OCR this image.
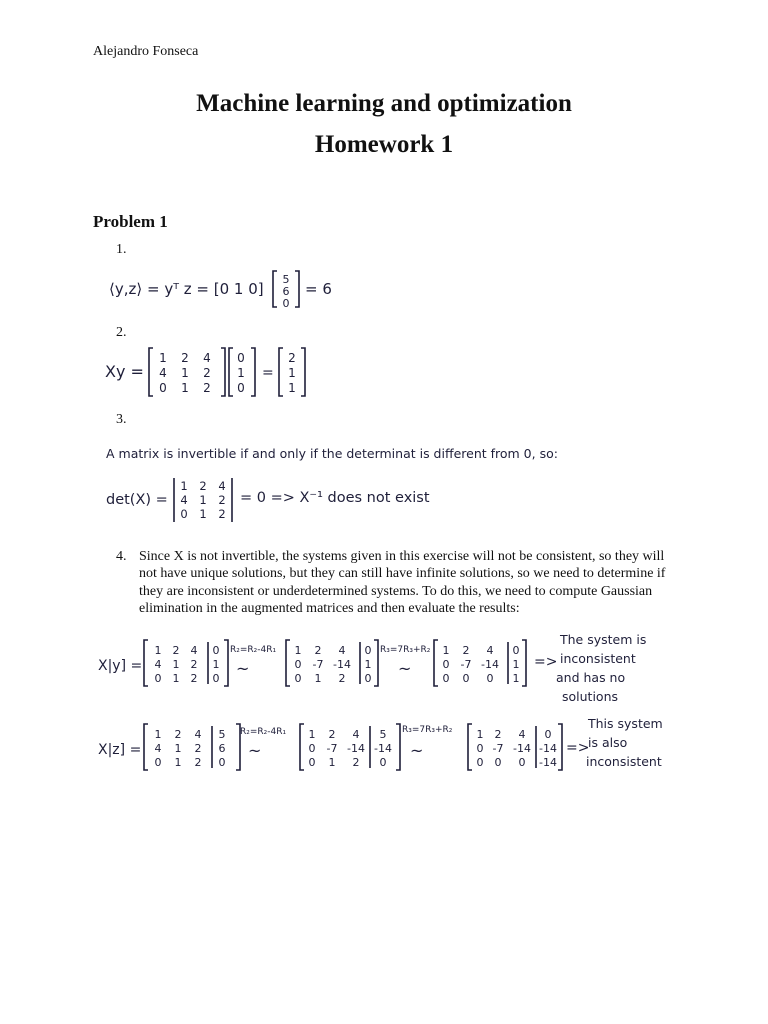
Alejandro Fonseca
Machine learning and optimization
Homework 1
Problem 1
1.
2.
3.
⟨y,z⟩ = yᵀ z = [0 1 0]
5
6
0
= 6
Xy =
1 2 4
4 1 2
0 1 2
0
1
0
=
2
1
1
A matrix is invertible if and only if the determinat is different from 0, so:
det(X) =
1 2 4
4 1 2
0 1 2
= 0 => X⁻¹ does not exist
4. Since X is not invertible, the systems given in this exercise will not be consistent, so they will not have unique solutions, but they can still have infinite solutions, so we need to determine if they are inconsistent or underdetermined systems. To do this, we need to compute Gaussian elimination in the augmented matrices and then evaluate the results:
X|y] =
1 2 4 0
4 1 2 1
0 1 2 0
R₂=R₂-4R₁
~
1 2 4 0
0 -7 -14 1
0 1 2 0
R₃=7R₃+R₂
~
1 2 4 0
0 -7 -14 1
0 0 0 1
=>
The system is
inconsistent
and has no
solutions
X|z] =
1 2 4 5
4 1 2 6
0 1 2 0
R₂=R₂-4R₁
~
1 2 4 5
0 -7 -14 -14
0 1 2 0
R₃=7R₃+R₂
~
1 2 4 0
0 -7 -14 -14
0 0 0 -14
=>
This system
is also
inconsistent
